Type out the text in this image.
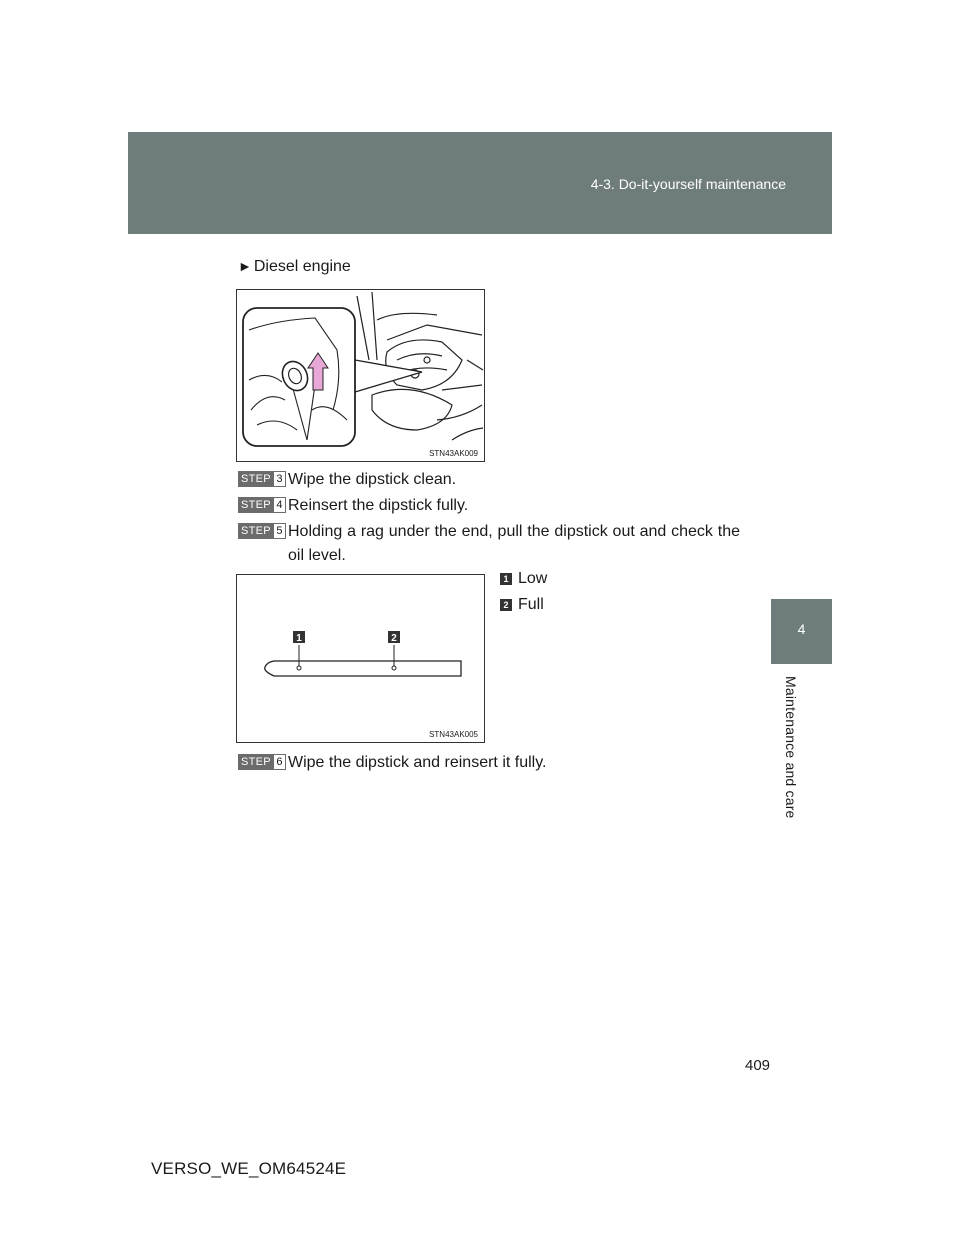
4-3. Do-it-yourself maintenance
4
Maintenance and care
► Diesel engine
STN43AK009
STEP 3 Wipe the dipstick clean.
STEP 4 Reinsert the dipstick fully.
STEP 5 Holding a rag under the end, pull the dipstick out and check the oil level.
1	2
STN43AK005
1 Low
2 Full
STEP 6 Wipe the dipstick and reinsert it fully.
409
VERSO_WE_OM64524E
